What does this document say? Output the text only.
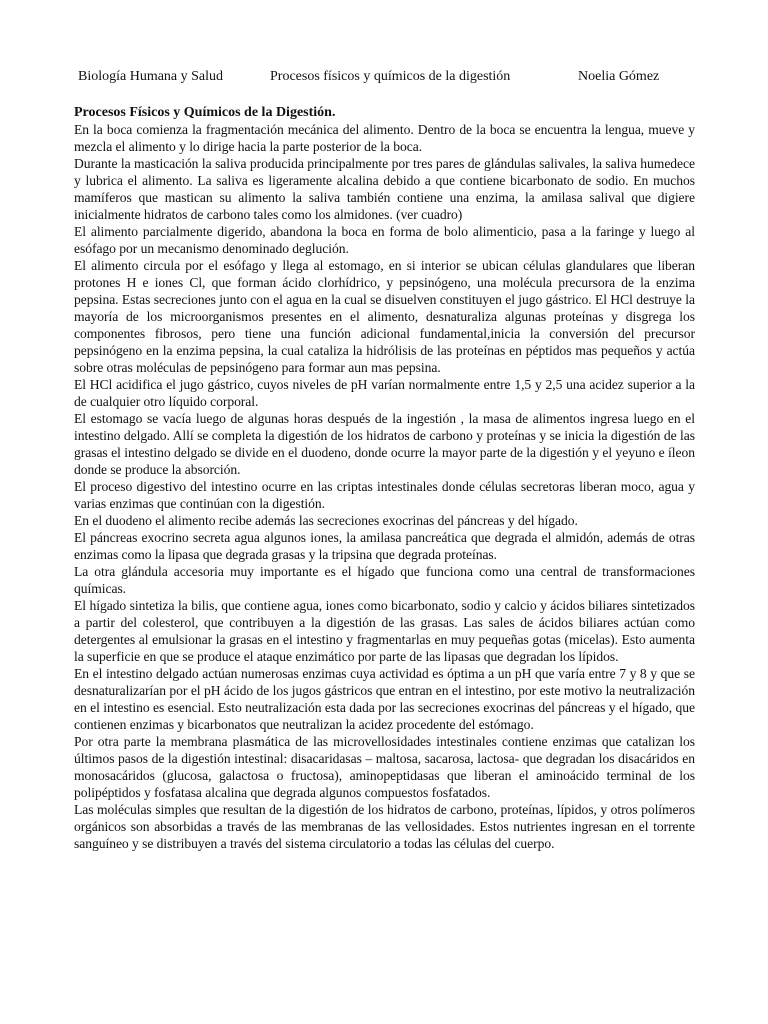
Biología Humana y Salud	Procesos físicos y químicos de la digestión	Noelia Gómez

Procesos Físicos y Químicos de la Digestión.

En la boca comienza la fragmentación mecánica del alimento. Dentro de la boca se encuentra la lengua, mueve y mezcla el alimento y lo dirige hacia la parte posterior de la boca.

Durante la masticación la saliva producida principalmente por tres pares de glándulas salivales, la saliva humedece y lubrica el alimento. La saliva es ligeramente alcalina debido a que contiene bicarbonato de sodio. En muchos mamíferos que mastican su alimento la saliva también contiene una enzima, la amilasa salival que digiere inicialmente hidratos de carbono tales como los almidones. (ver cuadro)

El alimento parcialmente digerido, abandona la boca en forma de bolo alimenticio, pasa a la faringe y luego al esófago por un mecanismo denominado deglución.

El alimento circula por el esófago y llega al estomago, en si interior se ubican células glandulares que liberan protones H e iones Cl, que forman ácido clorhídrico, y pepsinógeno, una molécula precursora de la enzima pepsina. Estas secreciones junto con el agua en la cual se disuelven constituyen el jugo gástrico. El HCl destruye la mayoría de los microorganismos presentes en el alimento, desnaturaliza algunas proteínas y disgrega los componentes fibrosos, pero tiene una función adicional fundamental,inicia la conversión del precursor pepsinógeno en la enzima pepsina, la cual cataliza la hidrólisis de las proteínas en péptidos mas pequeños y actúa sobre otras moléculas de pepsinógeno para formar aun mas pepsina.

El HCl acidifica el jugo gástrico, cuyos niveles de pH varían normalmente entre 1,5 y 2,5 una acidez superior a la de cualquier otro líquido corporal.

El estomago se vacía luego de algunas horas después de la ingestión , la masa de alimentos ingresa luego en el intestino delgado. Allí se completa la digestión de los hidratos de carbono y proteínas y se inicia la digestión de las grasas el intestino delgado se divide en el duodeno, donde ocurre la mayor parte de la digestión y el yeyuno e íleon donde se produce la absorción.

El proceso digestivo del intestino ocurre en las criptas intestinales donde células secretoras liberan moco, agua y varias enzimas que continúan con la digestión.

En el duodeno el alimento recibe además las secreciones exocrinas del páncreas y del hígado.

El páncreas exocrino secreta agua algunos iones, la amilasa pancreática que degrada el almidón, además de otras enzimas como la lipasa que degrada grasas y la tripsina que degrada proteínas.

La otra glándula accesoria muy importante es el hígado que funciona como una central de transformaciones químicas.

El hígado sintetiza la bilis, que contiene agua, iones como bicarbonato, sodio y calcio y ácidos biliares sintetizados a partir del colesterol, que contribuyen a la digestión de las grasas. Las sales de ácidos biliares actúan como detergentes al emulsionar la grasas en el intestino y fragmentarlas en muy pequeñas gotas (micelas). Esto aumenta la superficie en que se produce el ataque enzimático por parte de las lipasas que degradan los lípidos.

En el intestino delgado actúan numerosas enzimas cuya actividad es óptima a un pH que varía entre 7 y 8 y que se desnaturalizarían por el pH ácido de los jugos gástricos que entran en el intestino, por este motivo la neutralización en el intestino es esencial. Esto neutralización esta dada por las secreciones exocrinas del páncreas y el hígado, que contienen enzimas y bicarbonatos que neutralizan la acidez procedente del estómago.

Por otra parte la membrana plasmática de las microvellosidades intestinales contiene enzimas que catalizan los últimos pasos de la digestión intestinal: disacaridasas – maltosa, sacarosa, lactosa- que degradan los disacáridos en monosacáridos (glucosa, galactosa o fructosa), aminopeptidasas que liberan el aminoácido terminal de los polipéptidos y fosfatasa alcalina que degrada algunos compuestos fosfatados.

Las moléculas simples que resultan de la digestión de los hidratos de carbono, proteínas, lípidos, y otros polímeros orgánicos son absorbidas a través de las membranas de las vellosidades. Estos nutrientes ingresan en el torrente sanguíneo y se distribuyen a través del sistema circulatorio a todas las células del cuerpo.
